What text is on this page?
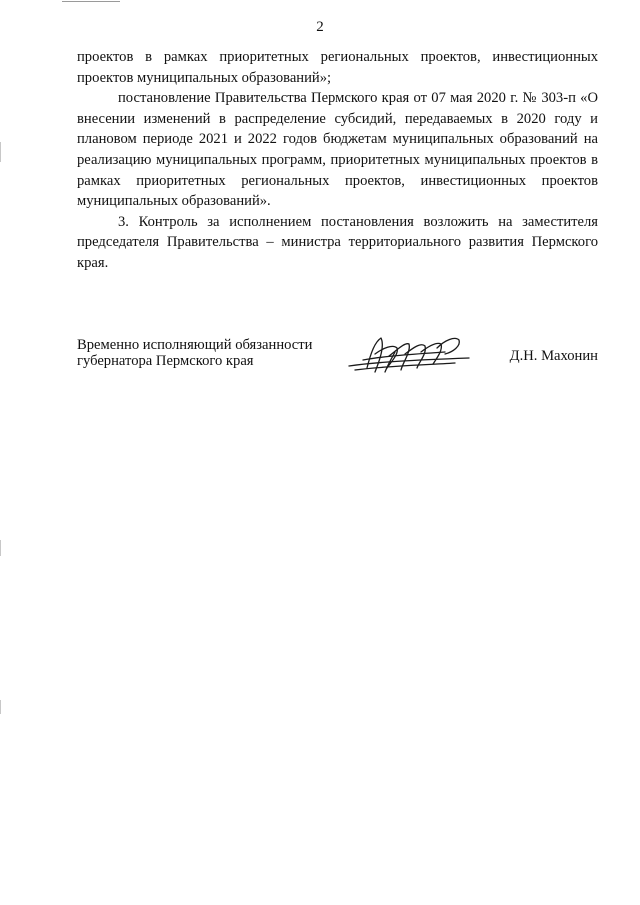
2

проектов в рамках приоритетных региональных проектов, инвестиционных проектов муниципальных образований»;

постановление Правительства Пермского края от 07 мая 2020 г. № 303-п «О внесении изменений в распределение субсидий, передаваемых в 2020 году и плановом периоде 2021 и 2022 годов бюджетам муниципальных образований на реализацию муниципальных программ, приоритетных муниципальных проектов в рамках приоритетных региональных проектов, инвестиционных проектов муниципальных образований».

3. Контроль за исполнением постановления возложить на заместителя председателя Правительства – министра территориального развития Пермского края.

Временно исполняющий обязанности
губернатора Пермского края	Д.Н. Махонин
